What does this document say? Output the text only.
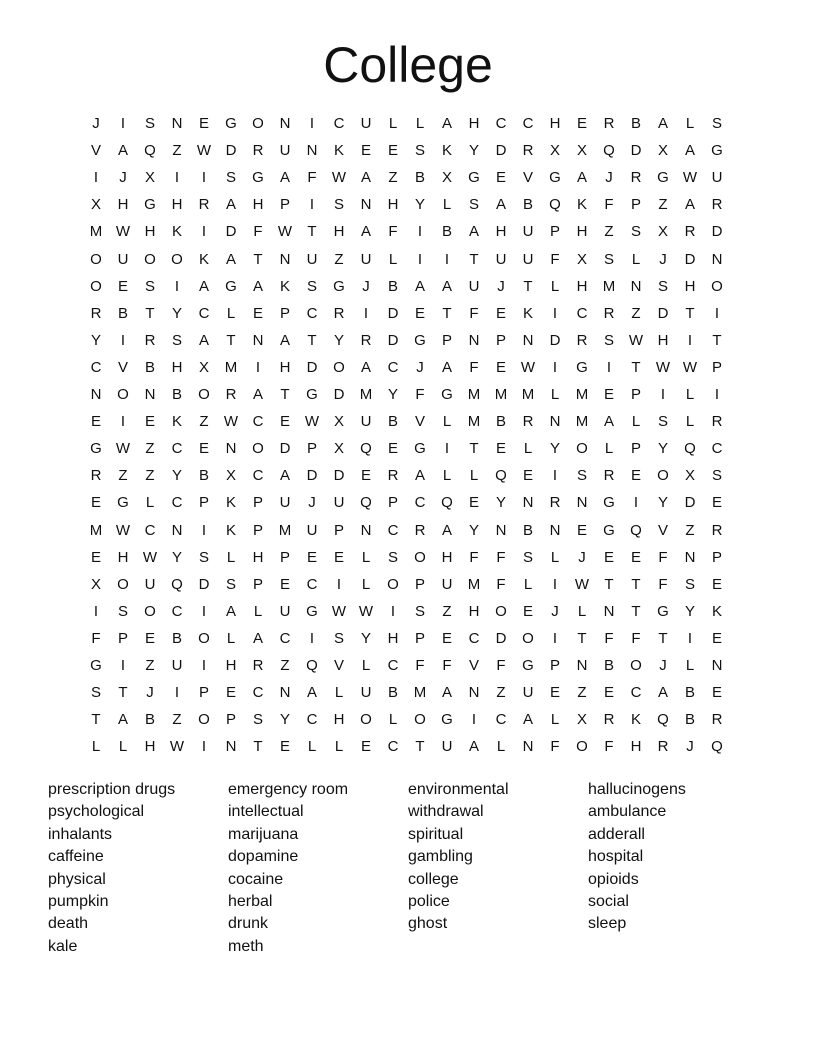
College
J	I	S	N	E	G O	N	I	C	U	L	L	A	H	C	C	H	E	R	B	A	L	S
V	A	Q	Z	W D	R	U	N	K	E	E	S	K	Y	D	R	X	X	Q	D	X	A	G
I	J	X	I	I	S	G	A	F	W A	Z	B	X	G	E	V	G	A	J	R	G W U
X	H	G	H	R	A	H	P	I	S	N	H	Y	L	S	A	B	Q	K	F	P	Z	A	R
M W H	K	I	D	F	W	T	H	A	F	I	B	A	H	U	P	H	Z	S	X	R	D
O	U	O O	K	A	T	N	U	Z	U	L	I	I	T	U	U	F	X	S	L	J	D	N
O	E	S	I	A	G	A	K	S	G	J	B	A	A	U	J	T	L	H	M	N	S	H	O
R	B	T	Y	C	L	E	P	C	R	I	D	E	T	F	E	K	I	C	R	Z	D	T	I
Y	I	R	S	A	T	N	A	T	Y	R	D	G	P	N	P	N	D	R	S W H	I	T
C	V	B	H	X	M	I	H	D	O	A	C	J	A	F	E W	I	G	I	T	W W P
N	O	N	B	O	R	A	T	G	D	M	Y	F	G M M M	L	M	E	P	I	L	I
E	I	E	K	Z	W C	E W X	U	B	V	L	M	B	R	N	M	A	L	S	L	R
G W	Z	C	E	N	O	D	P	X	Q	E	G	I	T	E	L	Y	O	L	P	Y	Q	C
R	Z	Z	Y	B	X	C	A	D	D	E	R	A	L	L	Q	E	I	S	R	E	O	X	S
E	G	L	C	P	K	P	U	J	U	Q	P	C	Q	E	Y	N	R	N	G	I	Y	D	E
M W C	N	I	K	P	M	U	P	N	C	R	A	Y	N	B	N	E	G Q	V	Z	R
E	H W Y	S	L	H	P	E	E	L	S	O	H	F	F	S	L	J	E	E	F	N	P
X	O	U	Q	D	S	P	E	C	I	L	O	P	U	M	F	L	I	W	T	T	F	S	E
I	S	O	C	I	A	L	U	G W W	I	S	Z	H	O	E	J	L	N	T	G	Y	K
F	P	E	B	O	L	A	C	I	S	Y	H	P	E	C	D	O	I	T	F	F	T	I	E
G	I	Z	U	I	H	R	Z	Q	V	L	C	F	F	V	F	G	P	N	B	O	J	L	N
S	T	J	I	P	E	C	N	A	L	U	B	M	A	N	Z	U	E	Z	E	C	A	B	E
T	A	B	Z	O	P	S	Y	C	H	O	L	O G	I	C	A	L	X	R	K	Q	B	R
L	L	H W	I	N	T	E	L	L	E	C	T	U	A	L	N	F	O	F	H	R	J	Q
prescription drugs
psychological
inhalants
caffeine
physical
pumpkin
death
kale
emergency room
intellectual
marijuana
dopamine
cocaine
herbal
drunk
meth
environmental
withdrawal
spiritual
gambling
college
police
ghost
hallucinogens
ambulance
adderall
hospital
opioids
social
sleep
